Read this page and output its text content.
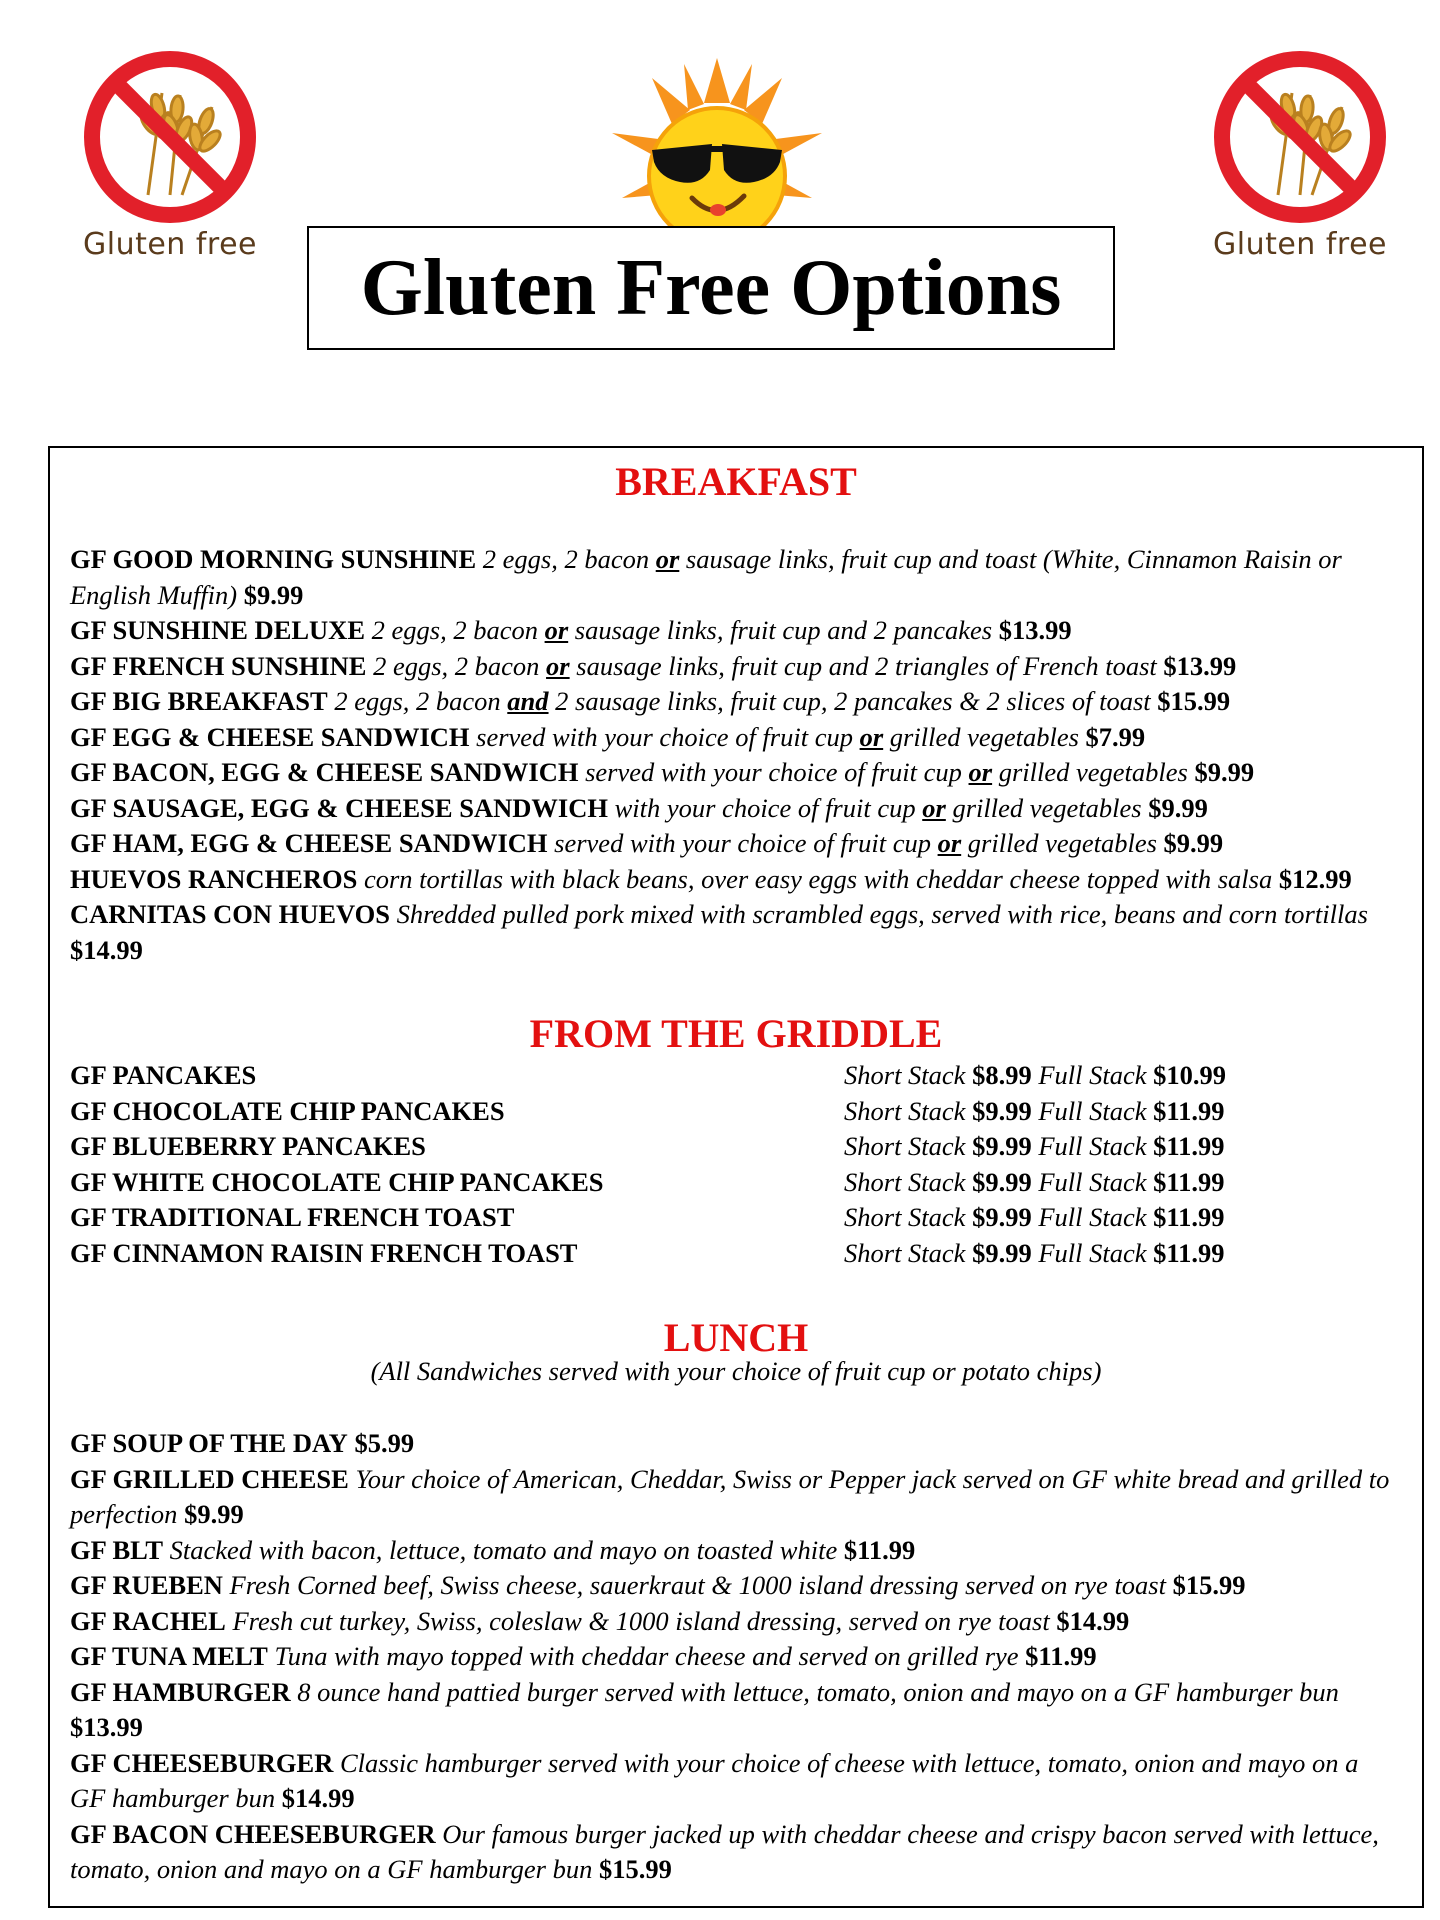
Gluten free	Gluten free
Gluten Free Options
BREAKFAST

GF GOOD MORNING SUNSHINE 2 eggs, 2 bacon or sausage links, fruit cup and toast (White, Cinnamon Raisin or English Muffin) $9.99

GF SUNSHINE DELUXE 2 eggs, 2 bacon or sausage links, fruit cup and 2 pancakes $13.99

GF FRENCH SUNSHINE 2 eggs, 2 bacon or sausage links, fruit cup and 2 triangles of French toast $13.99

GF BIG BREAKFAST 2 eggs, 2 bacon and 2 sausage links, fruit cup, 2 pancakes & 2 slices of toast $15.99

GF EGG & CHEESE SANDWICH served with your choice of fruit cup or grilled vegetables $7.99

GF BACON, EGG & CHEESE SANDWICH served with your choice of fruit cup or grilled vegetables $9.99

GF SAUSAGE, EGG & CHEESE SANDWICH with your choice of fruit cup or grilled vegetables $9.99

GF HAM, EGG & CHEESE SANDWICH served with your choice of fruit cup or grilled vegetables $9.99

HUEVOS RANCHEROS corn tortillas with black beans, over easy eggs with cheddar cheese topped with salsa $12.99

CARNITAS CON HUEVOS Shredded pulled pork mixed with scrambled eggs, served with rice, beans and corn tortillas $14.99

FROM THE GRIDDLE
GF PANCAKES	Short Stack $8.99 Full Stack $10.99
GF CHOCOLATE CHIP PANCAKES	Short Stack $9.99 Full Stack $11.99
GF BLUEBERRY PANCAKES	Short Stack $9.99 Full Stack $11.99
GF WHITE CHOCOLATE CHIP PANCAKES	Short Stack $9.99 Full Stack $11.99
GF TRADITIONAL FRENCH TOAST	Short Stack $9.99 Full Stack $11.99
GF CINNAMON RAISIN FRENCH TOAST	Short Stack $9.99 Full Stack $11.99
LUNCH
(All Sandwiches served with your choice of fruit cup or potato chips)

GF SOUP OF THE DAY $5.99

GF GRILLED CHEESE Your choice of American, Cheddar, Swiss or Pepper jack served on GF white bread and grilled to perfection $9.99

GF BLT Stacked with bacon, lettuce, tomato and mayo on toasted white $11.99

GF RUEBEN Fresh Corned beef, Swiss cheese, sauerkraut & 1000 island dressing served on rye toast $15.99

GF RACHEL Fresh cut turkey, Swiss, coleslaw & 1000 island dressing, served on rye toast $14.99

GF TUNA MELT Tuna with mayo topped with cheddar cheese and served on grilled rye $11.99

GF HAMBURGER 8 ounce hand pattied burger served with lettuce, tomato, onion and mayo on a GF hamburger bun $13.99

GF CHEESEBURGER Classic hamburger served with your choice of cheese with lettuce, tomato, onion and mayo on a GF hamburger bun $14.99

GF BACON CHEESEBURGER Our famous burger jacked up with cheddar cheese and crispy bacon served with lettuce, tomato, onion and mayo on a GF hamburger bun $15.99
